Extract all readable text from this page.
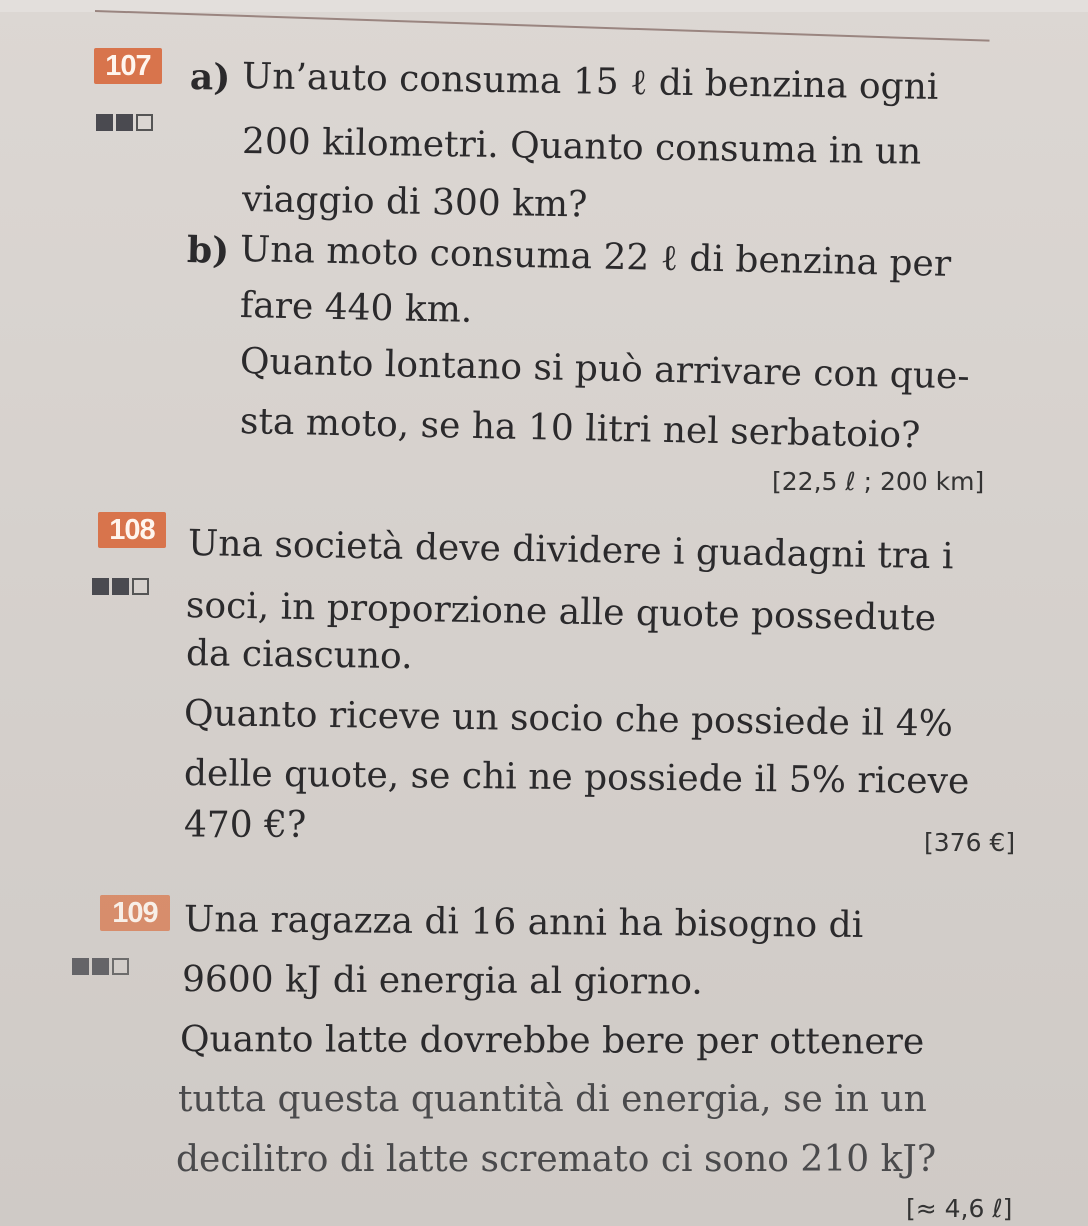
107	a) Un’auto consuma 15 ℓ di benzina ogni
200 kilometri. Quanto consuma in un
viaggio di 300 km?
b) Una moto consuma 22 ℓ di benzina per
fare 440 km.
Quanto lontano si può arrivare con que-
sta moto, se ha 10 litri nel serbatoio?
[22,5 ℓ ; 200 km]
108 Una società deve dividere i guadagni tra i
soci, in proporzione alle quote possedute
da ciascuno.
Quanto riceve un socio che possiede il 4%
delle quote, se chi ne possiede il 5% riceve
470 €?	[376 €]
109 Una ragazza di 16 anni ha bisogno di
9600 kJ di energia al giorno.
Quanto latte dovrebbe bere per ottenere
tutta questa quantità di energia, se in un
decilitro di latte scremato ci sono 210 kJ?
[≈ 4,6 ℓ]
